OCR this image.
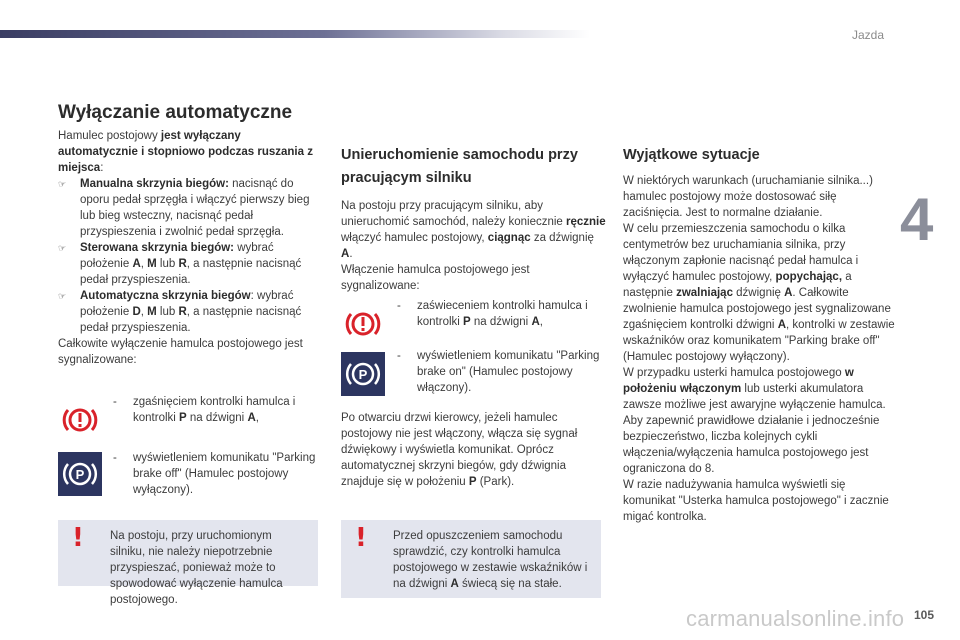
Jazda
4
105
carmanualsonline.info
Wyłączanie automatyczne

Hamulec postojowy jest wyłączany automatycznie i stopniowo podczas ruszania z miejsca:

☞ Manualna skrzynia biegów: nacisnąć do oporu pedał sprzęgła i włączyć pierwszy bieg lub bieg wsteczny, nacisnąć pedał przyspieszenia i zwolnić pedał sprzęgła.
☞ Sterowana skrzynia biegów: wybrać położenie A, M lub R, a następnie nacisnąć pedał przyspieszenia.
☞ Automatyczna skrzynia biegów: wybrać położenie D, M lub R, a następnie nacisnąć pedał przyspieszenia.

Całkowite wyłączenie hamulca postojowego jest sygnalizowane:

- zgaśnięciem kontrolki hamulca i kontrolki P na dźwigni A,
P
- wyświetleniem komunikatu "Parking brake off" (Hamulec postojowy wyłączony).
! Na postoju, przy uruchomionym silniku, nie należy niepotrzebnie przyspieszać, ponieważ może to spowodować wyłączenie hamulca postojowego.
Unieruchomienie samochodu przy pracującym silniku

Na postoju przy pracującym silniku, aby unieruchomić samochód, należy koniecznie ręcznie włączyć hamulec postojowy, ciągnąc za dźwignię A.

Włączenie hamulca postojowego jest sygnalizowane:

- zaświeceniem kontrolki hamulca i kontrolki P na dźwigni A,
P
- wyświetleniem komunikatu "Parking brake on" (Hamulec postojowy włączony).

Po otwarciu drzwi kierowcy, jeżeli hamulec postojowy nie jest włączony, włącza się sygnał dźwiękowy i wyświetla komunikat. Oprócz automatycznej skrzyni biegów, gdy dźwignia znajduje się w położeniu P (Park).

! Przed opuszczeniem samochodu sprawdzić, czy kontrolki hamulca postojowego w zestawie wskaźników i na dźwigni A świecą się na stałe.
Wyjątkowe sytuacje

W niektórych warunkach (uruchamianie silnika...) hamulec postojowy może dostosować siłę zaciśnięcia. Jest to normalne działanie.

W celu przemieszczenia samochodu o kilka centymetrów bez uruchamiania silnika, przy włączonym zapłonie nacisnąć pedał hamulca i wyłączyć hamulec postojowy, popychając, a następnie zwalniając dźwignię A. Całkowite zwolnienie hamulca postojowego jest sygnalizowane zgaśnięciem kontrolki dźwigni A, kontrolki w zestawie wskaźników oraz komunikatem "Parking brake off" (Hamulec postojowy wyłączony).

W przypadku usterki hamulca postojowego w położeniu włączonym lub usterki akumulatora zawsze możliwe jest awaryjne wyłączenie hamulca.

Aby zapewnić prawidłowe działanie i jednocześnie bezpieczeństwo, liczba kolejnych cykli włączenia/wyłączenia hamulca postojowego jest ograniczona do 8.

W razie nadużywania hamulca wyświetli się komunikat "Usterka hamulca postojowego" i zacznie migać kontrolka.
